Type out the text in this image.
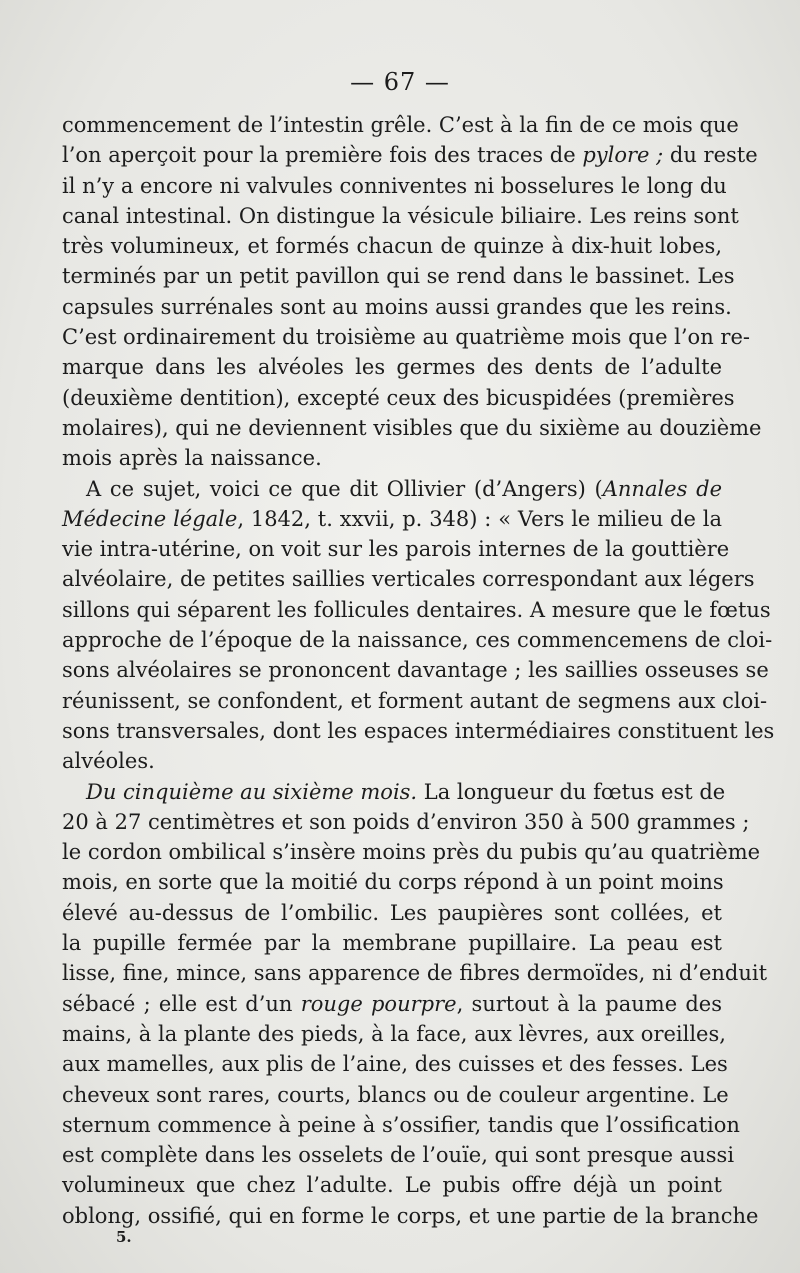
— 67 —
commencement de l’intestin grêle. C’est à la fin de ce mois que
l’on aperçoit pour la première fois des traces de pylore ; du reste
il n’y a encore ni valvules conniventes ni bosselures le long du
canal intestinal. On distingue la vésicule biliaire. Les reins sont
très volumineux, et formés chacun de quinze à dix-huit lobes,
terminés par un petit pavillon qui se rend dans le bassinet. Les
capsules surrénales sont au moins aussi grandes que les reins.
C’est ordinairement du troisième au quatrième mois que l’on re-
marque dans les alvéoles les germes des dents de l’adulte
(deuxième dentition), excepté ceux des bicuspidées (premières
molaires), qui ne deviennent visibles que du sixième au douzième
mois après la naissance.
A ce sujet, voici ce que dit Ollivier (d’Angers) (Annales de
Médecine légale, 1842, t. xxvii, p. 348) : « Vers le milieu de la
vie intra-utérine, on voit sur les parois internes de la gouttière
alvéolaire, de petites saillies verticales correspondant aux légers
sillons qui séparent les follicules dentaires. A mesure que le fœtus
approche de l’époque de la naissance, ces commencemens de cloi-
sons alvéolaires se prononcent davantage ; les saillies osseuses se
réunissent, se confondent, et forment autant de segmens aux cloi-
sons transversales, dont les espaces intermédiaires constituent les
alvéoles.
Du cinquième au sixième mois. La longueur du fœtus est de
20 à 27 centimètres et son poids d’environ 350 à 500 grammes ;
le cordon ombilical s’insère moins près du pubis qu’au quatrième
mois, en sorte que la moitié du corps répond à un point moins
élevé au-dessus de l’ombilic. Les paupières sont collées, et
la pupille fermée par la membrane pupillaire. La peau est
lisse, fine, mince, sans apparence de fibres dermoïdes, ni d’enduit
sébacé ; elle est d’un rouge pourpre, surtout à la paume des
mains, à la plante des pieds, à la face, aux lèvres, aux oreilles,
aux mamelles, aux plis de l’aine, des cuisses et des fesses. Les
cheveux sont rares, courts, blancs ou de couleur argentine. Le
sternum commence à peine à s’ossifier, tandis que l’ossification
est complète dans les osselets de l’ouïe, qui sont presque aussi
volumineux que chez l’adulte. Le pubis offre déjà un point
oblong, ossifié, qui en forme le corps, et une partie de la branche
5.
